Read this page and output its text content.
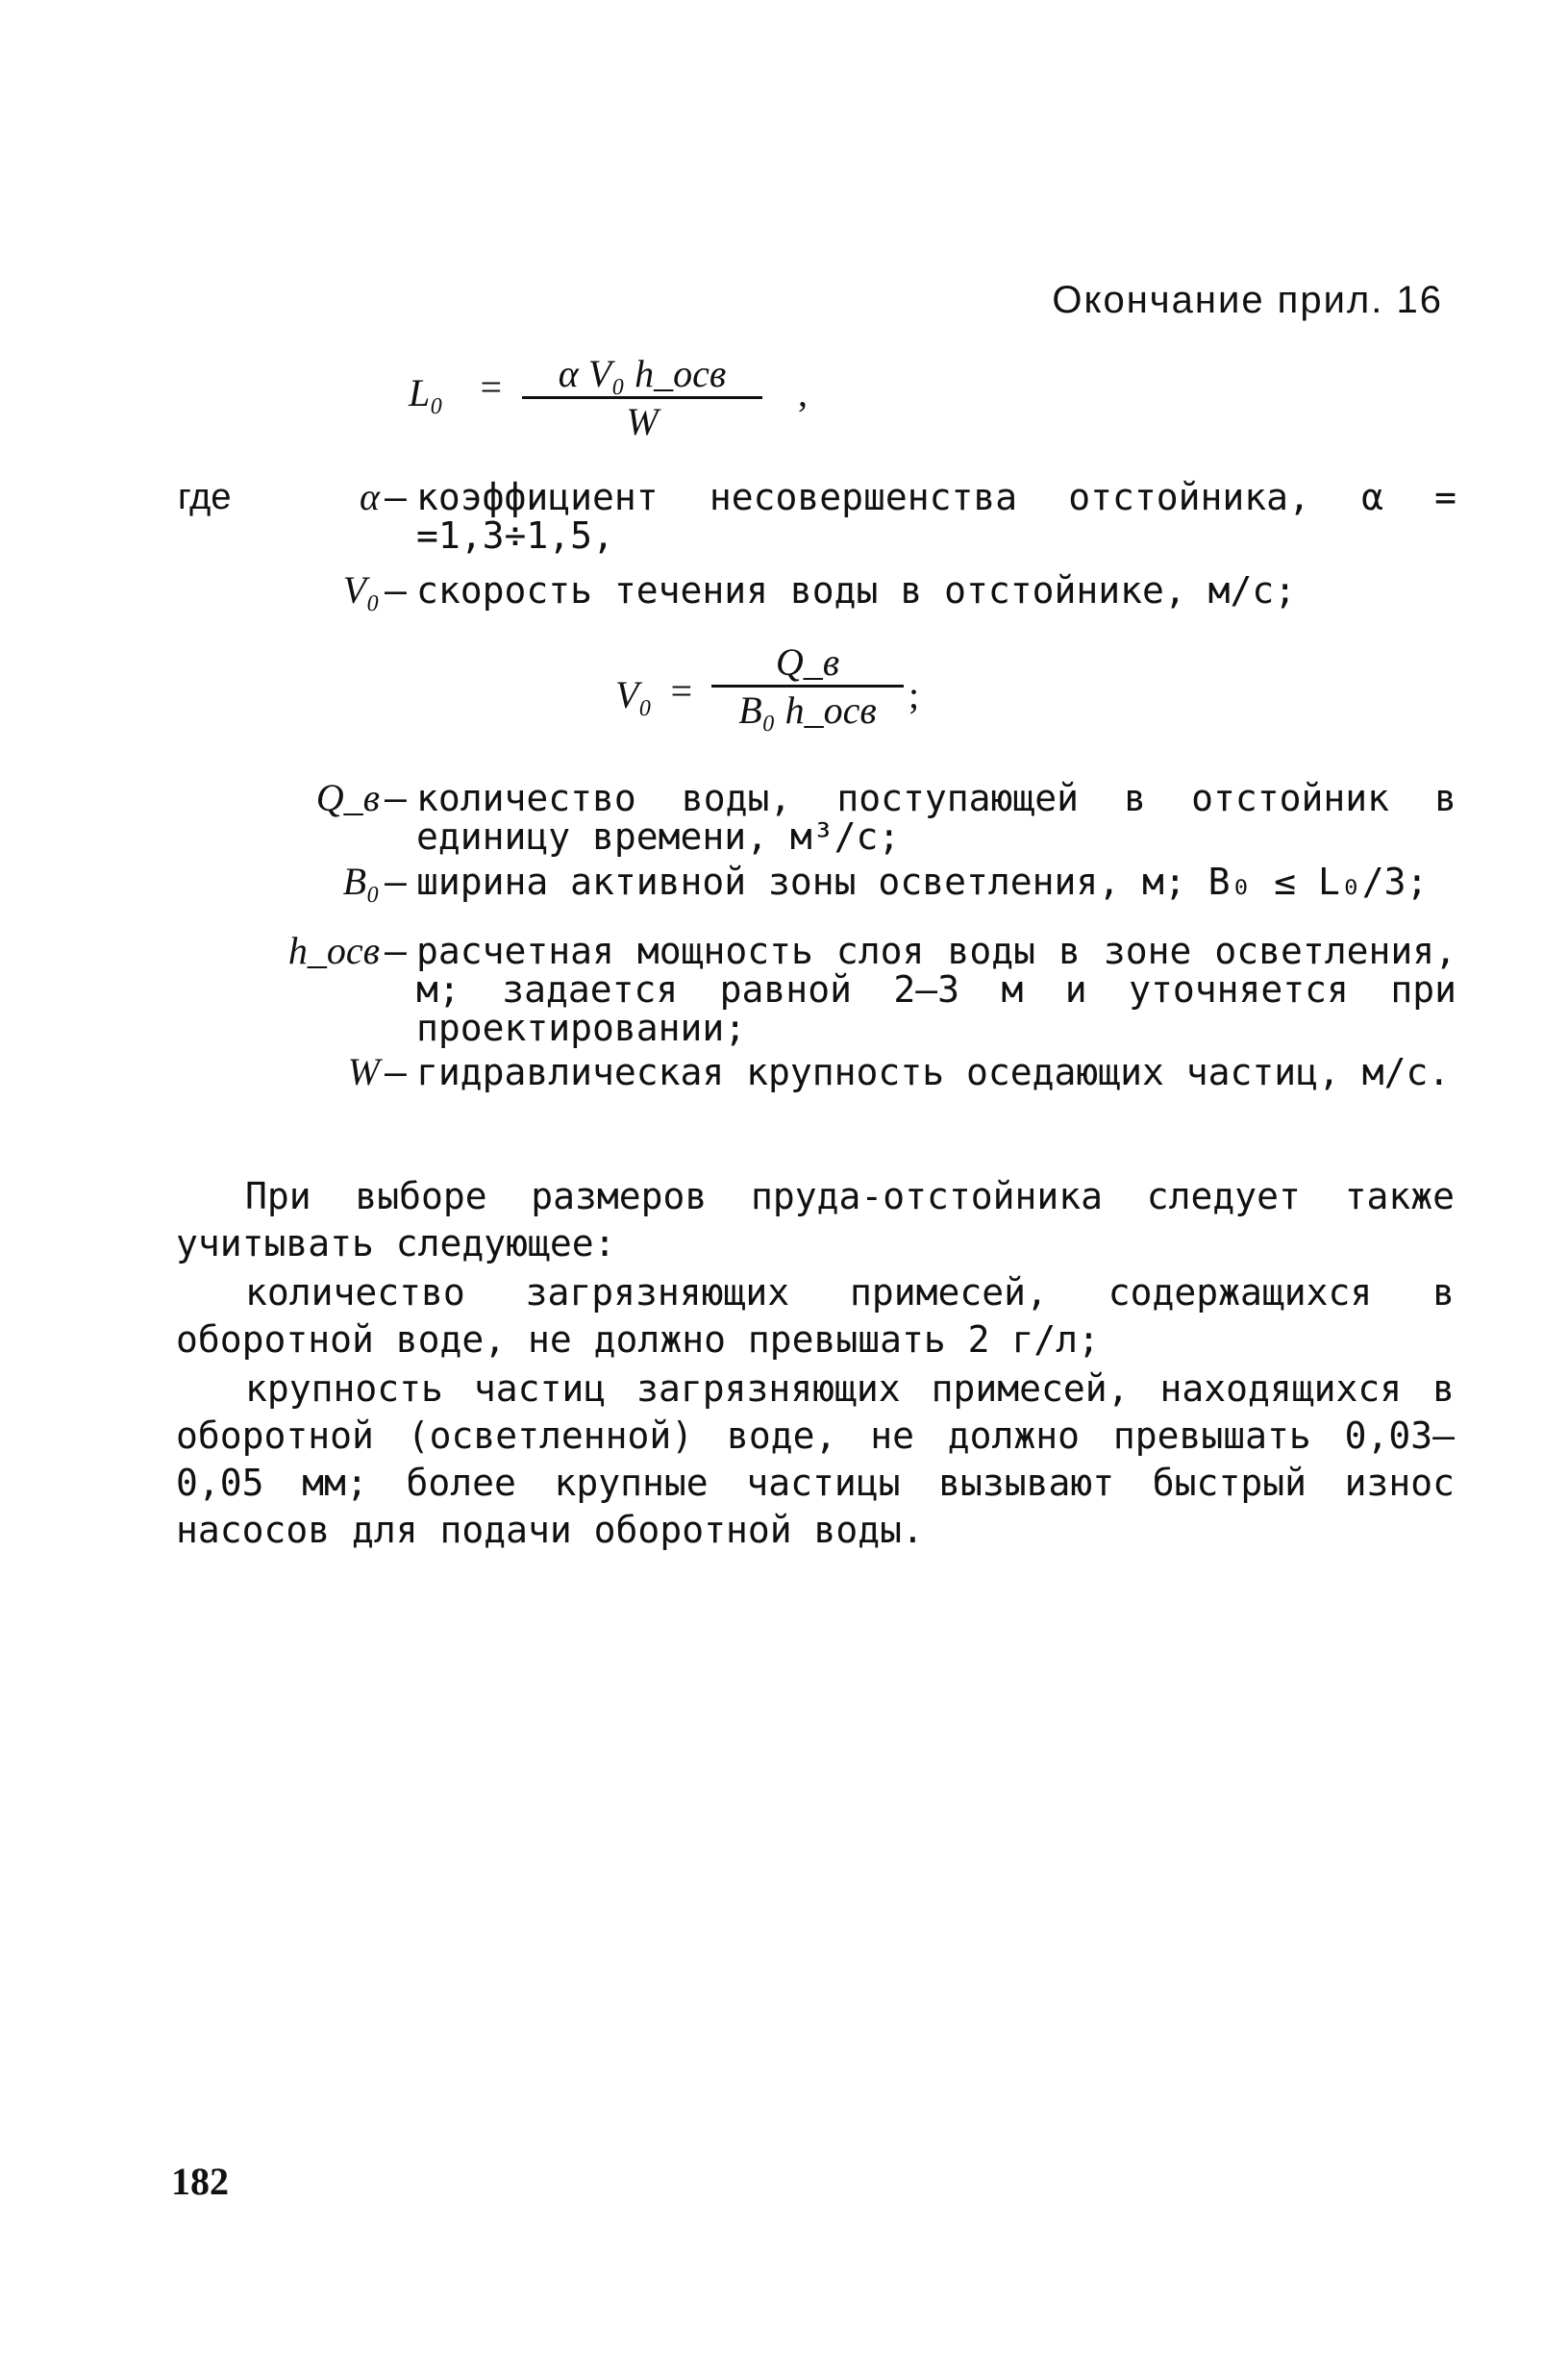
Окончание прил. 16
L₀ =	α V₀ h_осв
W
,
где	α – коэффициент несовершенства отстойника, α = =1,3÷1,5,
V₀ – скорость течения воды в отстойнике, м/с;
Q_в – количество воды, поступающей в отстойник в единицу времени, м³/с;
B₀ – ширина активной зоны осветления, м; B₀ ≤ L₀/3;
h_осв – расчетная мощность слоя воды в зоне осветления, м; задается равной 2–3 м и уточняется при проектировании;
W – гидравлическая крупность оседающих частиц, м/с.
V₀ =
Q_в
B₀ h_осв ;

При выборе размеров пруда-отстойника следует также учитывать следующее:

количество загрязняющих примесей, содержащихся в оборотной воде, не должно превышать 2 г/л;

крупность частиц загрязняющих примесей, находящихся в оборотной (осветленной) воде, не должно превышать 0,03–0,05 мм; более крупные частицы вызывают быстрый износ насосов для подачи оборотной воды.

182
